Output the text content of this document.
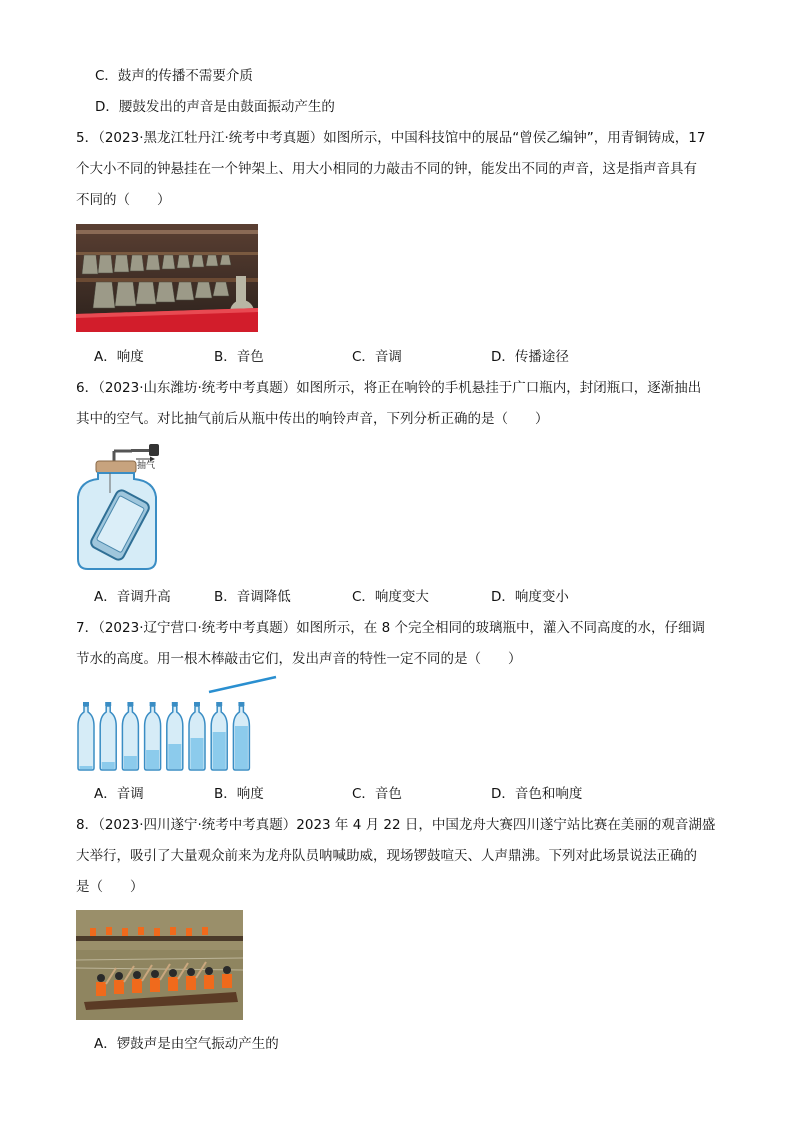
C．鼓声的传播不需要介质
D．腰鼓发出的声音是由鼓面振动产生的
5．（2023·黑龙江牡丹江·统考中考真题）如图所示，中国科技馆中的展品“曾侯乙编钟”，用青铜铸成，17
个大小不同的钟悬挂在一个钟架上、用大小相同的力敲击不同的钟，能发出不同的声音，这是指声音具有
不同的（　　）
A．响度	B．音色	C．音调	D．传播途径
6．（2023·山东潍坊·统考中考真题）如图所示，将正在响铃的手机悬挂于广口瓶内，封闭瓶口，逐渐抽出
其中的空气。对比抽气前后从瓶中传出的响铃声音，下列分析正确的是（　　）
抽气
A．音调升高	B．音调降低	C．响度变大	D．响度变小
7．（2023·辽宁营口·统考中考真题）如图所示，在 8 个完全相同的玻璃瓶中，灌入不同高度的水，仔细调
节水的高度。用一根木棒敲击它们，发出声音的特性一定不同的是（　　）
A．音调	B．响度	C．音色	D．音色和响度
8．（2023·四川遂宁·统考中考真题）2023 年 4 月 22 日，中国龙舟大赛四川遂宁站比赛在美丽的观音湖盛
大举行，吸引了大量观众前来为龙舟队员呐喊助威，现场锣鼓喧天、人声鼎沸。下列对此场景说法正确的
是（　　）
A．锣鼓声是由空气振动产生的
